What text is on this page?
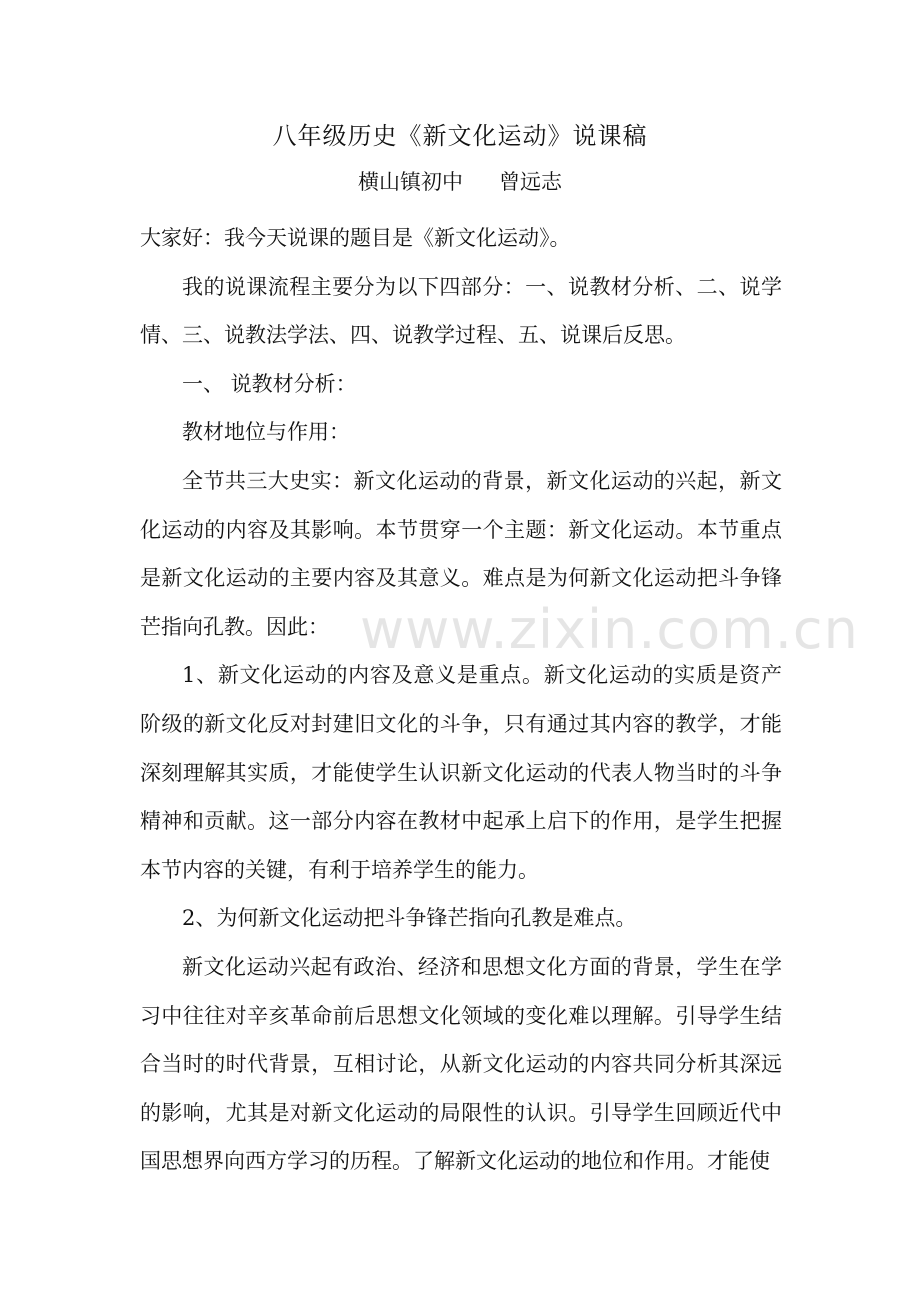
八年级历史《新文化运动》说课稿
横山镇初中 曾远志

大家好：我今天说课的题目是《新文化运动》。

我的说课流程主要分为以下四部分：一、说教材分析、二、说学情、三、说教法学法、四、说教学过程、五、说课后反思。

一、 说教材分析：

教材地位与作用：

全节共三大史实：新文化运动的背景，新文化运动的兴起，新文化运动的内容及其影响。本节贯穿一个主题：新文化运动。本节重点是新文化运动的主要内容及其意义。难点是为何新文化运动把斗争锋芒指向孔教。因此：

1、新文化运动的内容及意义是重点。新文化运动的实质是资产阶级的新文化反对封建旧文化的斗争，只有通过其内容的教学，才能深刻理解其实质，才能使学生认识新文化运动的代表人物当时的斗争精神和贡献。这一部分内容在教材中起承上启下的作用，是学生把握本节内容的关键，有利于培养学生的能力。

2、为何新文化运动把斗争锋芒指向孔教是难点。

新文化运动兴起有政治、经济和思想文化方面的背景，学生在学习中往往对辛亥革命前后思想文化领域的变化难以理解。引导学生结合当时的时代背景，互相讨论，从新文化运动的内容共同分析其深远的影响，尤其是对新文化运动的局限性的认识。引导学生回顾近代中国思想界向西方学习的历程。了解新文化运动的地位和作用。才能使

www.zixin.com.cn
